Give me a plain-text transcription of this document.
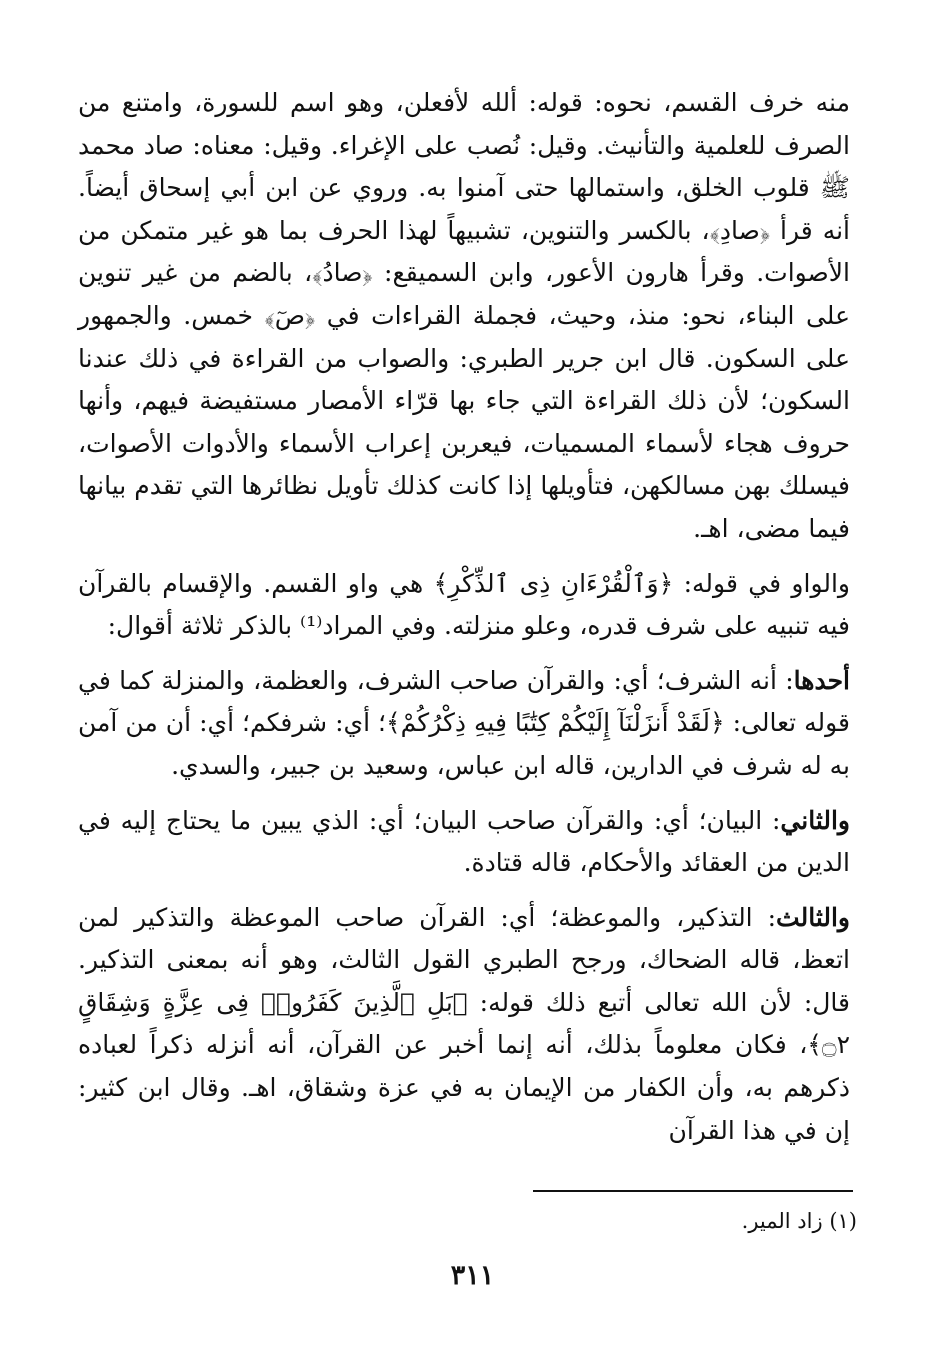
منه خرف القسم، نحوه: قوله: ألله لأفعلن، وهو اسم للسورة، وامتنع من الصرف للعلمية والتأنيث. وقيل: نُصب على الإغراء. وقيل: معناه: صاد محمد ﷺ قلوب الخلق، واستمالها حتى آمنوا به. وروي عن ابن أبي إسحاق أيضاً. أنه قرأ ﴿صادِ﴾، بالكسر والتنوين، تشبيهاً لهذا الحرف بما هو غير متمكن من الأصوات. وقرأ هارون الأعور، وابن السميقع: ﴿صادُ﴾، بالضم من غير تنوين على البناء، نحو: منذ، وحيث، فجملة القراءات في ﴿صٓ﴾ خمس. والجمهور على السكون. قال ابن جرير الطبري: والصواب من القراءة في ذلك عندنا السكون؛ لأن ذلك القراءة التي جاء بها قرّاء الأمصار مستفيضة فيهم، وأنها حروف هجاء لأسماء المسميات، فيعربن إعراب الأسماء والأدوات الأصوات، فيسلك بهن مسالكهن، فتأويلها إذا كانت كذلك تأويل نظائرها التي تقدم بيانها فيما مضى، اهـ.

والواو في قوله: ﴿وَٱلْقُرْءَانِ ذِى ٱلذِّكْرِ﴾ هي واو القسم. والإقسام بالقرآن فيه تنبيه على شرف قدره، وعلو منزلته. وفي المراد⁽¹⁾ بالذكر ثلاثة أقوال:

أحدها: أنه الشرف؛ أي: والقرآن صاحب الشرف، والعظمة، والمنزلة كما في قوله تعالى: ﴿لَقَدْ أَنزَلْنَآ إِلَيْكُمْ كِتَٰبًا فِيهِ ذِكْرُكُمْ﴾؛ أي: شرفكم؛ أي: أن من آمن به له شرف في الدارين، قاله ابن عباس، وسعيد بن جبير، والسدي.

والثاني: البيان؛ أي: والقرآن صاحب البيان؛ أي: الذي يبين ما يحتاج إليه في الدين من العقائد والأحكام، قاله قتادة.

والثالث: التذكير، والموعظة؛ أي: القرآن صاحب الموعظة والتذكير لمن اتعظ، قاله الضحاك، ورجح الطبري القول الثالث، وهو أنه بمعنى التذكير. قال: لأن الله تعالى أتبع ذلك قوله: ﴿بَلِ ٱلَّذِينَ كَفَرُوا۟ فِى عِزَّةٍ وَشِقَاقٍ ۝٢﴾، فكان معلوماً بذلك، أنه إنما أخبر عن القرآن، أنه أنزله ذكراً لعباده ذكرهم به، وأن الكفار من الإيمان به في عزة وشقاق، اهـ. وقال ابن كثير: إن في هذا القرآن

(١) زاد المير.
٣١١
